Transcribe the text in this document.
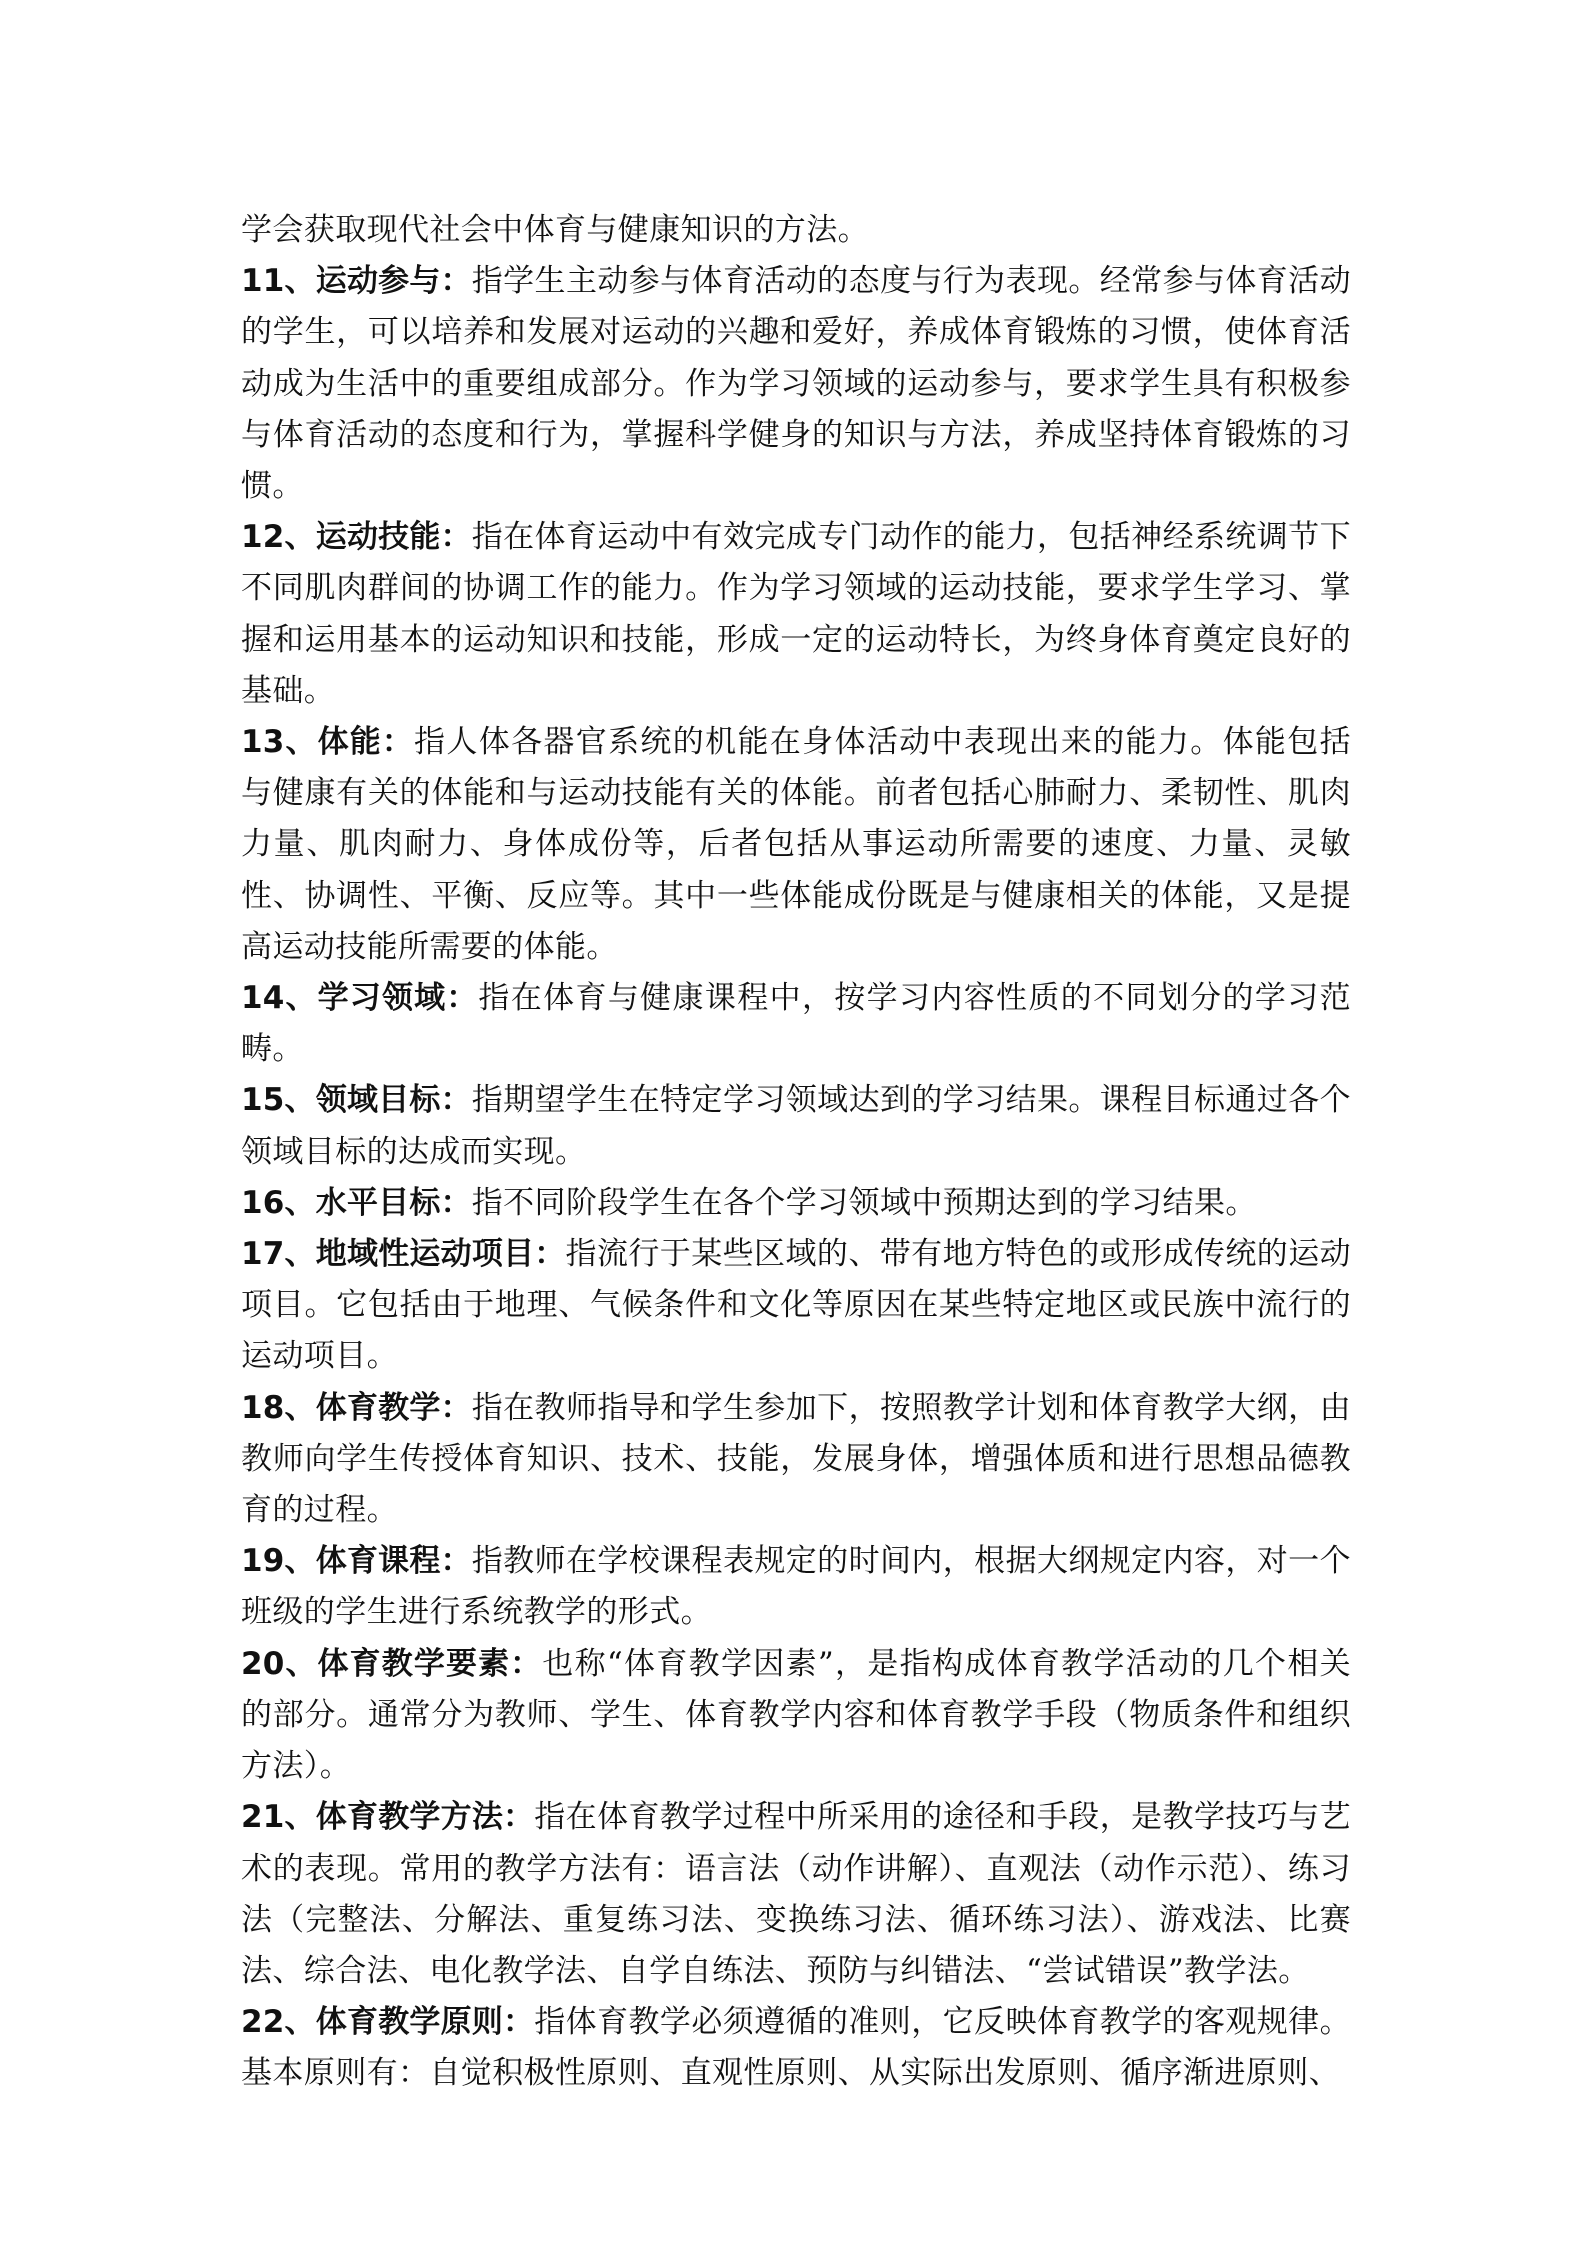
学会获取现代社会中体育与健康知识的方法。

11、运动参与：指学生主动参与体育活动的态度与行为表现。经常参与体育活动的学生，可以培养和发展对运动的兴趣和爱好，养成体育锻炼的习惯，使体育活动成为生活中的重要组成部分。作为学习领域的运动参与，要求学生具有积极参与体育活动的态度和行为，掌握科学健身的知识与方法，养成坚持体育锻炼的习惯。

12、运动技能：指在体育运动中有效完成专门动作的能力，包括神经系统调节下不同肌肉群间的协调工作的能力。作为学习领域的运动技能，要求学生学习、掌握和运用基本的运动知识和技能，形成一定的运动特长，为终身体育奠定良好的基础。

13、体能：指人体各器官系统的机能在身体活动中表现出来的能力。体能包括与健康有关的体能和与运动技能有关的体能。前者包括心肺耐力、柔韧性、肌肉力量、肌肉耐力、身体成份等，后者包括从事运动所需要的速度、力量、灵敏性、协调性、平衡、反应等。其中一些体能成份既是与健康相关的体能，又是提高运动技能所需要的体能。

14、学习领域：指在体育与健康课程中，按学习内容性质的不同划分的学习范畴。

15、领域目标：指期望学生在特定学习领域达到的学习结果。课程目标通过各个领域目标的达成而实现。

16、水平目标：指不同阶段学生在各个学习领域中预期达到的学习结果。

17、地域性运动项目：指流行于某些区域的、带有地方特色的或形成传统的运动项目。它包括由于地理、气候条件和文化等原因在某些特定地区或民族中流行的运动项目。

18、体育教学：指在教师指导和学生参加下，按照教学计划和体育教学大纲，由教师向学生传授体育知识、技术、技能，发展身体，增强体质和进行思想品德教育的过程。

19、体育课程：指教师在学校课程表规定的时间内，根据大纲规定内容，对一个班级的学生进行系统教学的形式。

20、体育教学要素：也称“体育教学因素”，是指构成体育教学活动的几个相关的部分。通常分为教师、学生、体育教学内容和体育教学手段（物质条件和组织方法）。

21、体育教学方法：指在体育教学过程中所采用的途径和手段，是教学技巧与艺术的表现。常用的教学方法有：语言法（动作讲解）、直观法（动作示范）、练习法（完整法、分解法、重复练习法、变换练习法、循环练习法）、游戏法、比赛法、综合法、电化教学法、自学自练法、预防与纠错法、“尝试错误”教学法。

22、体育教学原则：指体育教学必须遵循的准则，它反映体育教学的客观规律。基本原则有：自觉积极性原则、直观性原则、从实际出发原则、循序渐进原则、
